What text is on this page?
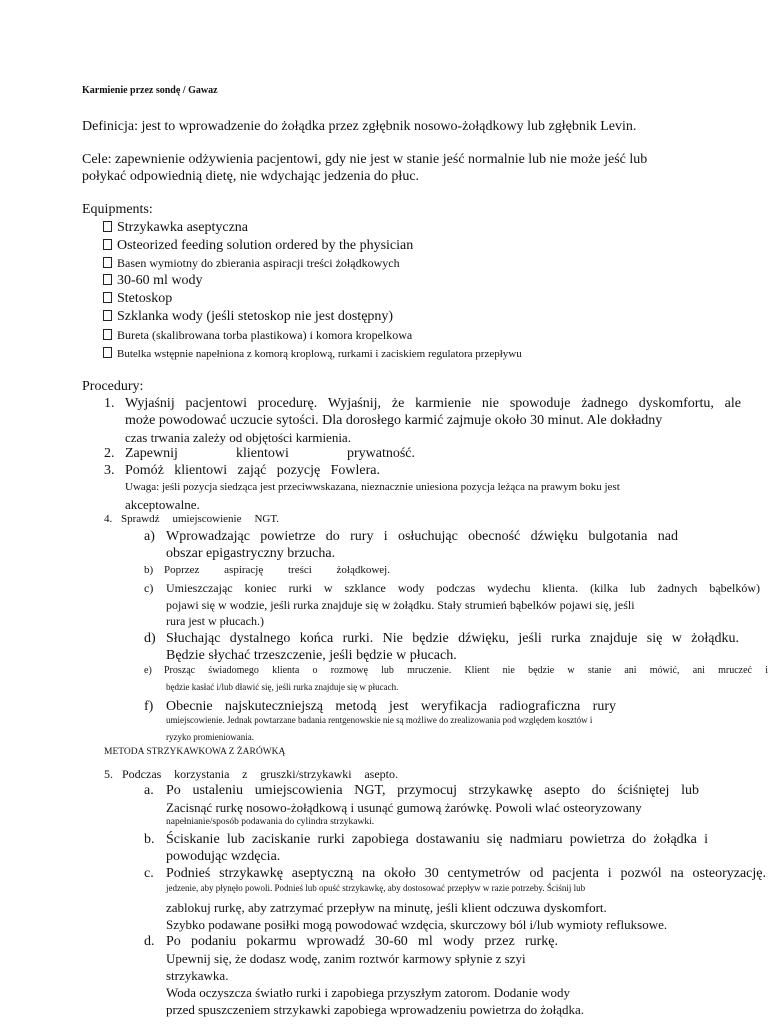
Karmienie przez sondę / Gawaz
Definicja: jest to wprowadzenie do żołądka przez zgłębnik nosowo-żołądkowy lub zgłębnik Levin.
Cele: zapewnienie odżywienia pacjentowi, gdy nie jest w stanie jeść normalnie lub nie może jeść lub
połykać odpowiednią dietę, nie wdychając jedzenia do płuc.
Equipments:
Strzykawka aseptyczna
Osteorized feeding solution ordered by the physician
Basen wymiotny do zbierania aspiracji treści żołądkowych
30-60 ml wody
Stetoskop
Szklanka wody (jeśli stetoskop nie jest dostępny)
Bureta (skalibrowana torba plastikowa) i komora kropelkowa
Butelka wstępnie napełniona z komorą kroplową, rurkami i zaciskiem regulatora przepływu
Procedury:
1. Wyjaśnij pacjentowi procedurę. Wyjaśnij, że karmienie nie spowoduje żadnego dyskomfortu, ale
może powodować uczucie sytości. Dla dorosłego karmić zajmuje około 30 minut. Ale dokładny
czas trwania zależy od objętości karmienia.
2. Zapewnij klientowi prywatność.
3. Pomóż klientowi zająć pozycję Fowlera.
Uwaga: jeśli pozycja siedząca jest przeciwwskazana, nieznacznie uniesiona pozycja leżąca na prawym boku jest
akceptowalne.
4. Sprawdź umiejscowienie NGT.
a) Wprowadzając powietrze do rury i osłuchując obecność dźwięku bulgotania nad
obszar epigastryczny brzucha.
b) Poprzez aspirację treści żołądkowej.
c) Umieszczając koniec rurki w szklance wody podczas wydechu klienta. (kilka lub żadnych bąbelków)
pojawi się w wodzie, jeśli rurka znajduje się w żołądku. Stały strumień bąbelków pojawi się, jeśli
rura jest w płucach.)
d) Słuchając dystalnego końca rurki. Nie będzie dźwięku, jeśli rurka znajduje się w żołądku.
Będzie słychać trzeszczenie, jeśli będzie w płucach.
e) Prosząc świadomego klienta o rozmowę lub mruczenie. Klient nie będzie w stanie ani mówić, ani mruczeć i
będzie kasłać i/lub dławić się, jeśli rurka znajduje się w płucach.
f) Obecnie najskuteczniejszą metodą jest weryfikacja radiograficzna rury
umiejscowienie. Jednak powtarzane badania rentgenowskie nie są możliwe do zrealizowania pod względem kosztów i
ryzyko promieniowania.
METODA STRZYKAWKOWA Z ŻARÓWKĄ
5. Podczas korzystania z gruszki/strzykawki asepto.
a. Po ustaleniu umiejscowienia NGT, przymocuj strzykawkę asepto do ściśniętej lub
Zacisnąć rurkę nosowo-żołądkową i usunąć gumową żarówkę. Powoli wlać osteoryzowany
napełnianie/sposób podawania do cylindra strzykawki.
b. Ściskanie lub zaciskanie rurki zapobiega dostawaniu się nadmiaru powietrza do żołądka i
powodując wzdęcia.
c. Podnieś strzykawkę aseptyczną na około 30 centymetrów od pacjenta i pozwól na osteoryzację.
jedzenie, aby płynęło powoli. Podnieś lub opuść strzykawkę, aby dostosować przepływ w razie potrzeby. Ściśnij lub
zablokuj rurkę, aby zatrzymać przepływ na minutę, jeśli klient odczuwa dyskomfort.
Szybko podawane posiłki mogą powodować wzdęcia, skurczowy ból i/lub wymioty refluksowe.
d. Po podaniu pokarmu wprowadź 30-60 ml wody przez rurkę.
Upewnij się, że dodasz wodę, zanim roztwór karmowy spłynie z szyi
strzykawka.
Woda oczyszcza światło rurki i zapobiega przyszłym zatorom. Dodanie wody
przed spuszczeniem strzykawki zapobiega wprowadzeniu powietrza do żołądka.
